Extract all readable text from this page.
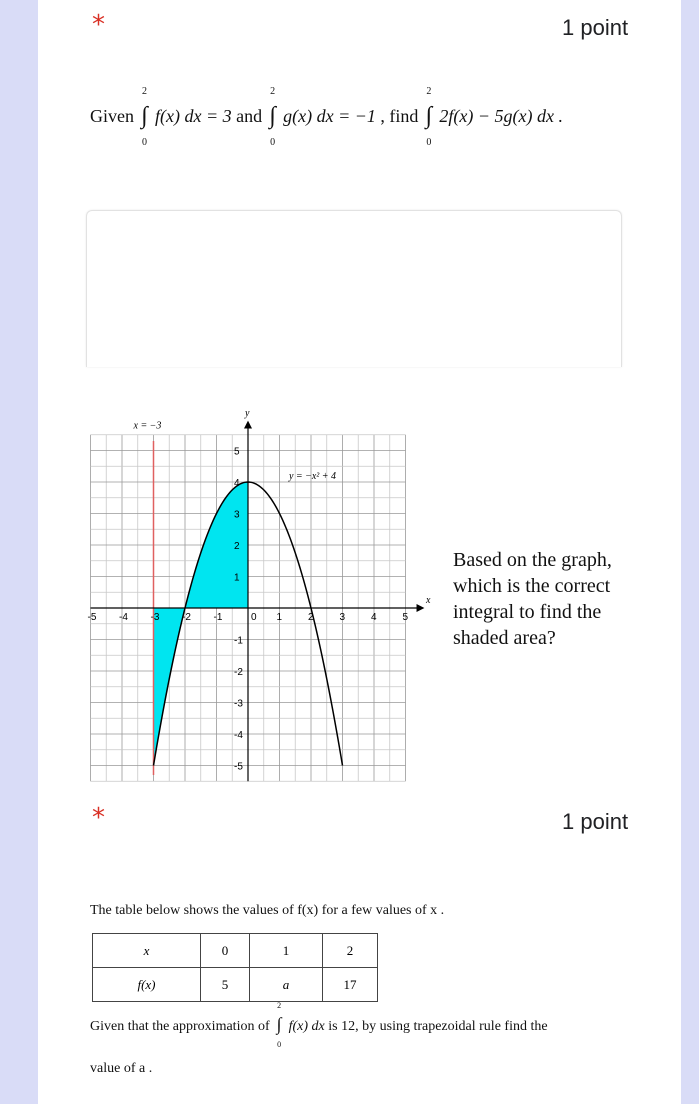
*	1 point
Given ∫
2
0
f(x) dx = 3 and ∫
2
0
g(x) dx = −1 , find ∫
2
0
2f(x) − 5g(x) dx .
-5 -4 -3 -2 -1	0 1	2	3	4	5
5
4
3
2
1
-1
-2
-3
-4
-5
x = −3
y = −x² + 4
y
x
Based on the graph, which is the correct integral to find the shaded area?
*	1 point
The table below shows the values of f(x) for a few values of x .
x	0	1	2
f(x)	5	a	17
Given that the approximation of ∫
2
0
f(x) dx is 12, by using trapezoidal rule find the
value of a .
